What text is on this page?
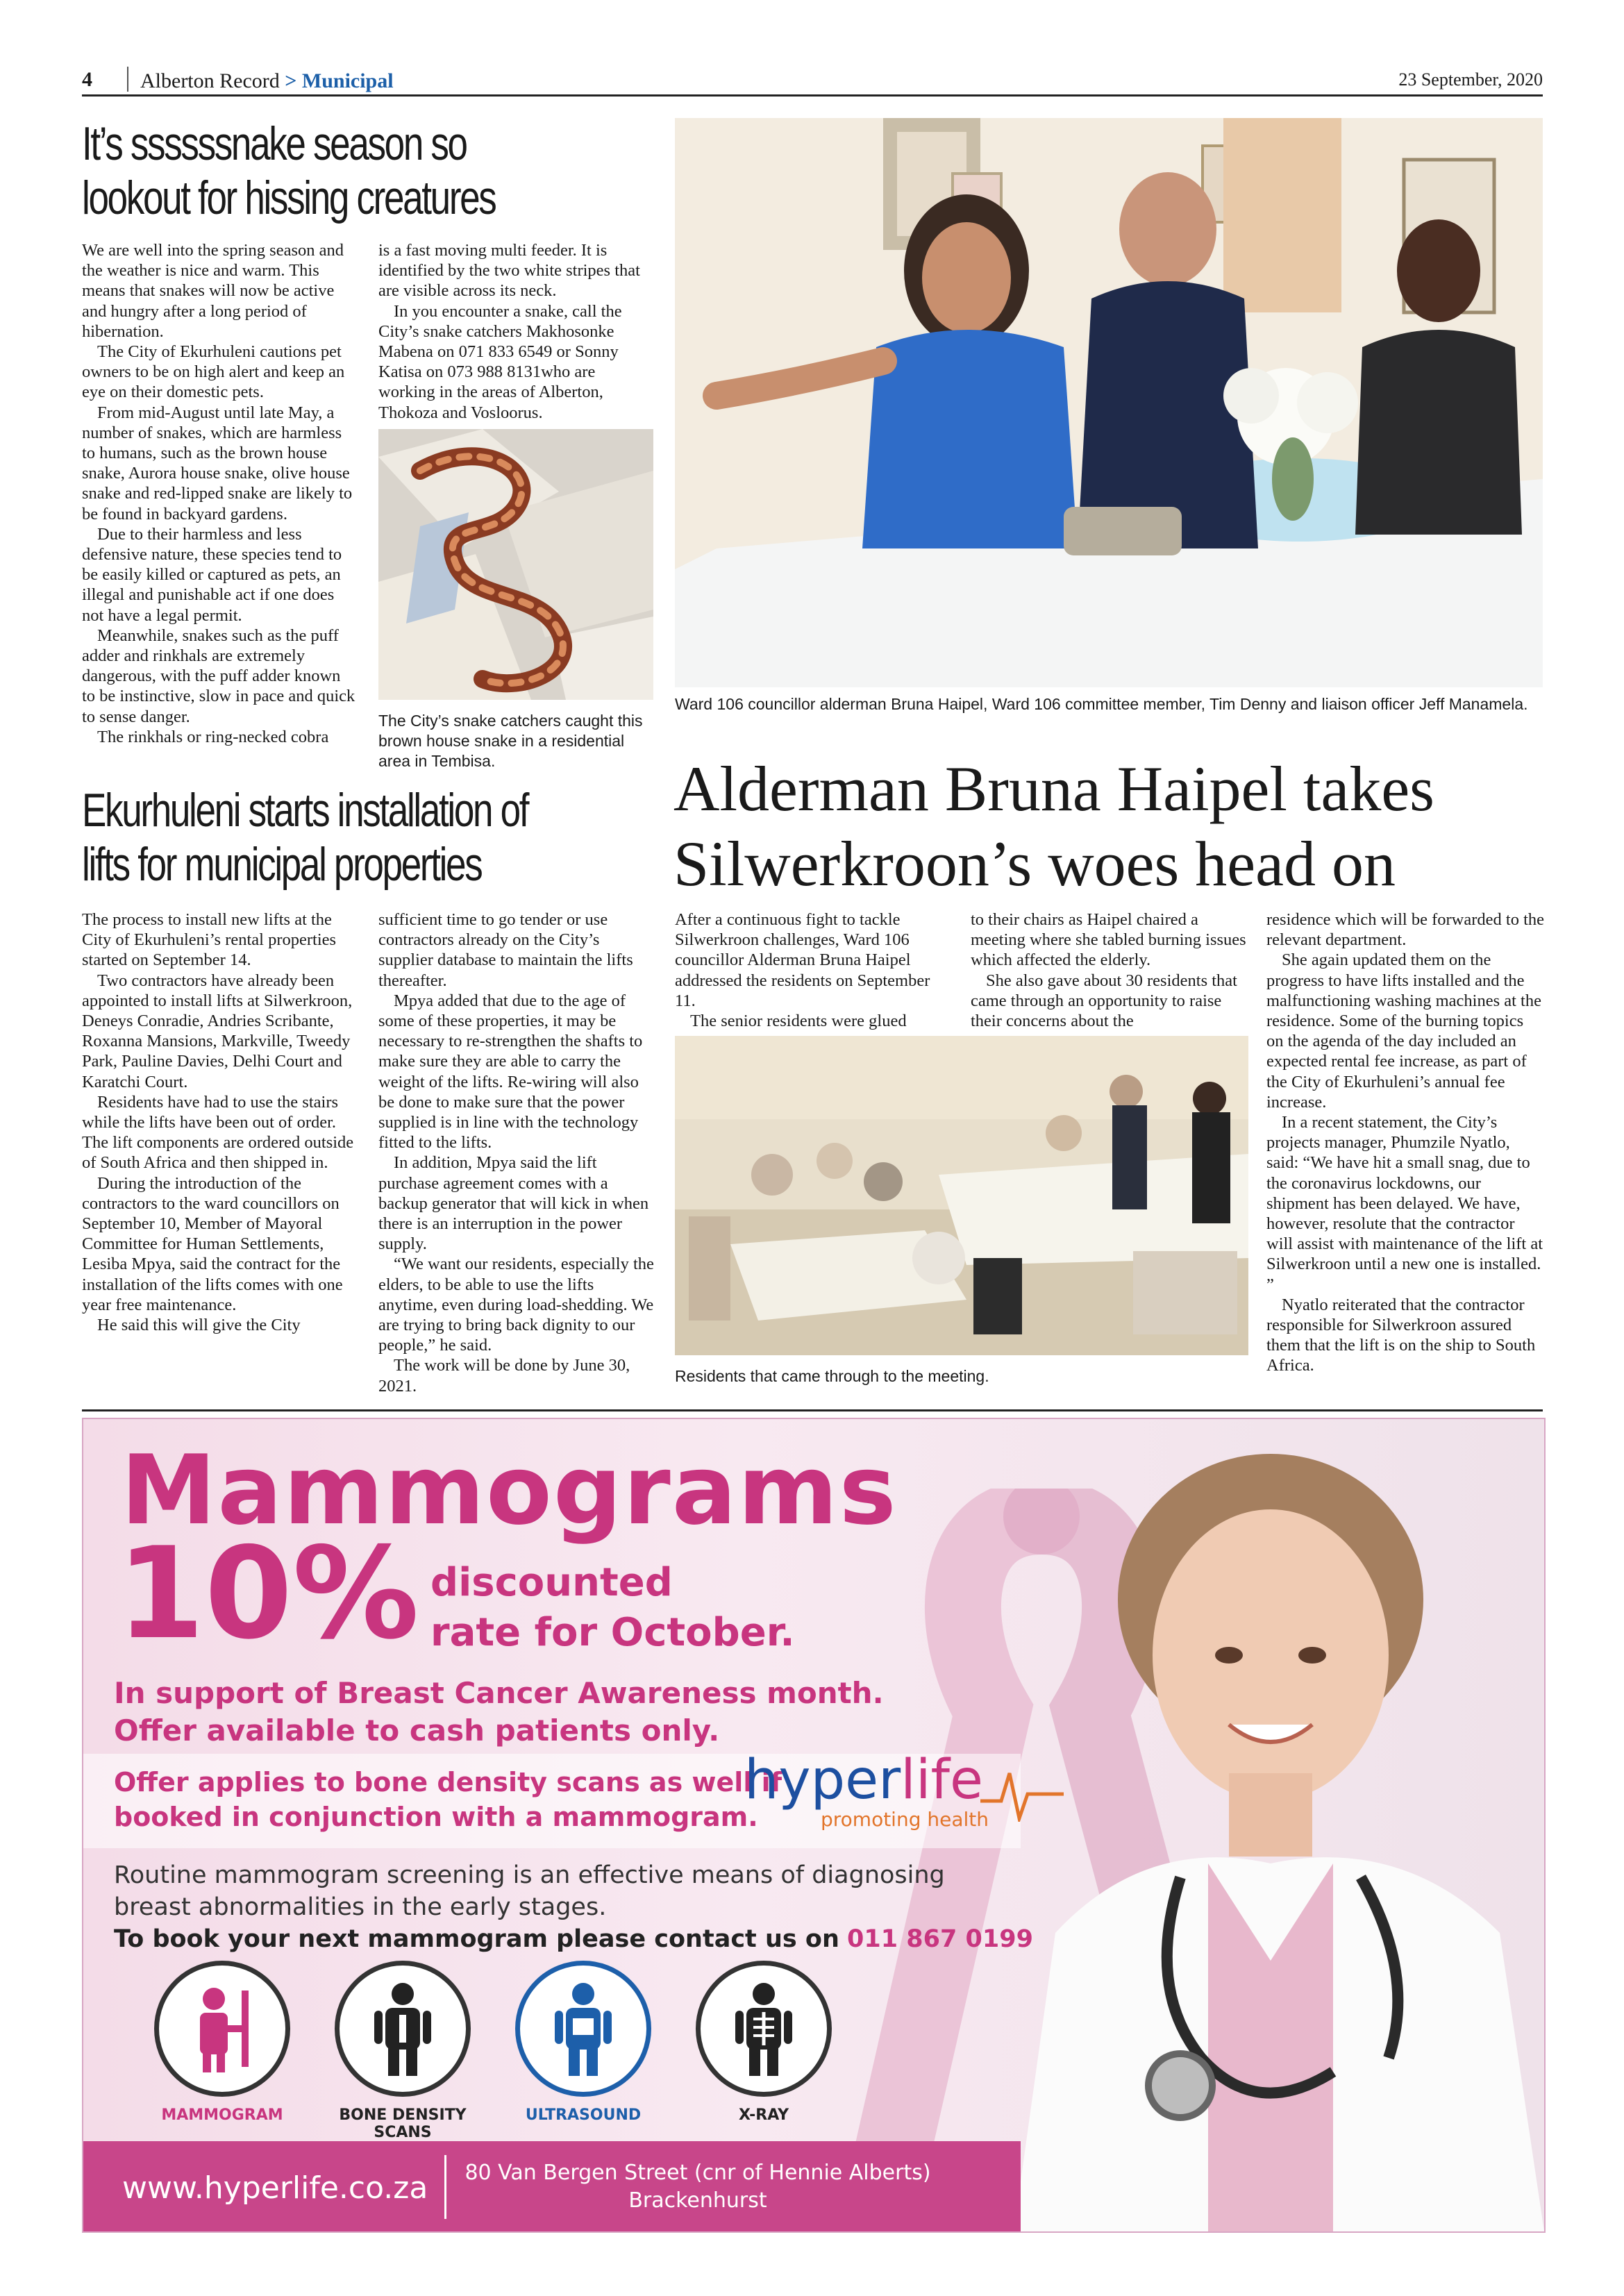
4 Alberton Record > Municipal	23 September, 2020
It’s ssssssnake season so
lookout for hissing creatures

We are well into the spring season and the weather is nice and warm. This means that snakes will now be active and hungry after a long period of hibernation.

The City of Ekurhuleni cautions pet owners to be on high alert and keep an eye on their domestic pets.

From mid-August until late May, a number of snakes, which are harmless to humans, such as the brown house snake, Aurora house snake, olive house snake and red-lipped snake are likely to be found in backyard gardens.

Due to their harmless and less defensive nature, these species tend to be easily killed or captured as pets, an illegal and punishable act if one does not have a legal permit.

Meanwhile, snakes such as the puff adder and rinkhals are extremely dangerous, with the puff adder known to be instinctive, slow in pace and quick to sense danger.

The rinkhals or ring-necked cobra

is a fast moving multi feeder. It is identified by the two white stripes that are visible across its neck.

In you encounter a snake, call the City’s snake catchers Makhosonke Mabena on 071 833 6549 or Sonny Katisa on 073 988 8131who are working in the areas of Alberton, Thokoza and Vosloorus.

The City’s snake catchers caught this brown house snake in a residential area in Tembisa.
Ekurhuleni starts installation of
lifts for municipal properties

The process to install new lifts at the City of Ekurhuleni’s rental properties started on September 14.

Two contractors have already been appointed to install lifts at Silwerkroon, Deneys Conradie, Andries Scribante, Roxanna Mansions, Markville, Tweedy Park, Pauline Davies, Delhi Court and Karatchi Court.

Residents have had to use the stairs while the lifts have been out of order. The lift components are ordered outside of South Africa and then shipped in.

During the introduction of the contractors to the ward councillors on September 10, Member of Mayoral Committee for Human Settlements, Lesiba Mpya, said the contract for the installation of the lifts comes with one year free maintenance.

He said this will give the City

sufficient time to go tender or use contractors already on the City’s supplier database to maintain the lifts thereafter.

Mpya added that due to the age of some of these properties, it may be necessary to re-strengthen the shafts to make sure they are able to carry the weight of the lifts. Re-wiring will also be done to make sure that the power supplied is in line with the technology fitted to the lifts.

In addition, Mpya said the lift purchase agreement comes with a backup generator that will kick in when there is an interruption in the power supply.

“We want our residents, especially the elders, to be able to use the lifts anytime, even during load-shedding. We are trying to bring back dignity to our people,” he said.

The work will be done by June 30, 2021.

Ward 106 councillor alderman Bruna Haipel, Ward 106 committee member, Tim Denny and liaison officer Jeff Manamela.
Alderman Bruna Haipel takes
Silwerkroon’s woes head on

After a continuous fight to tackle Silwerkroon challenges, Ward 106 councillor Alderman Bruna Haipel addressed the residents on September 11.

The senior residents were glued

to their chairs as Haipel chaired a meeting where she tabled burning issues which affected the elderly.

She also gave about 30 residents that came through an opportunity to raise their concerns about the

residence which will be forwarded to the relevant department.

She again updated them on the progress to have lifts installed and the malfunctioning washing machines at the residence. Some of the burning topics on the agenda of the day included an expected rental fee increase, as part of the City of Ekurhuleni’s annual fee increase.

In a recent statement, the City’s projects manager, Phumzile Nyatlo, said: “We have hit a small snag, due to the coronavirus lockdowns, our shipment has been delayed. We have, however, resolute that the contractor will assist with maintenance of the lift at Silwerkroon until a new one is installed. ”

Nyatlo reiterated that the contractor responsible for Silwerkroon assured them that the lift is on the ship to South Africa.

Residents that came through to the meeting.
Mammograms
10% discounted
rate for October.
In support of Breast Cancer Awareness month.
Offer available to cash patients only.
Offer applies to bone density scans as well if
booked in conjunction with a mammogram.
hyperlife
promoting health
Routine mammogram screening is an effective means of diagnosing
breast abnormalities in the early stages.
To book your next mammogram please contact us on 011 867 0199
MAMMOGRAM	BONE DENSITY SCANS
ULTRASOUND	X-RAY
www.hyperlife.co.za	80 Van Bergen Street (cnr of Hennie Alberts)
Brackenhurst
